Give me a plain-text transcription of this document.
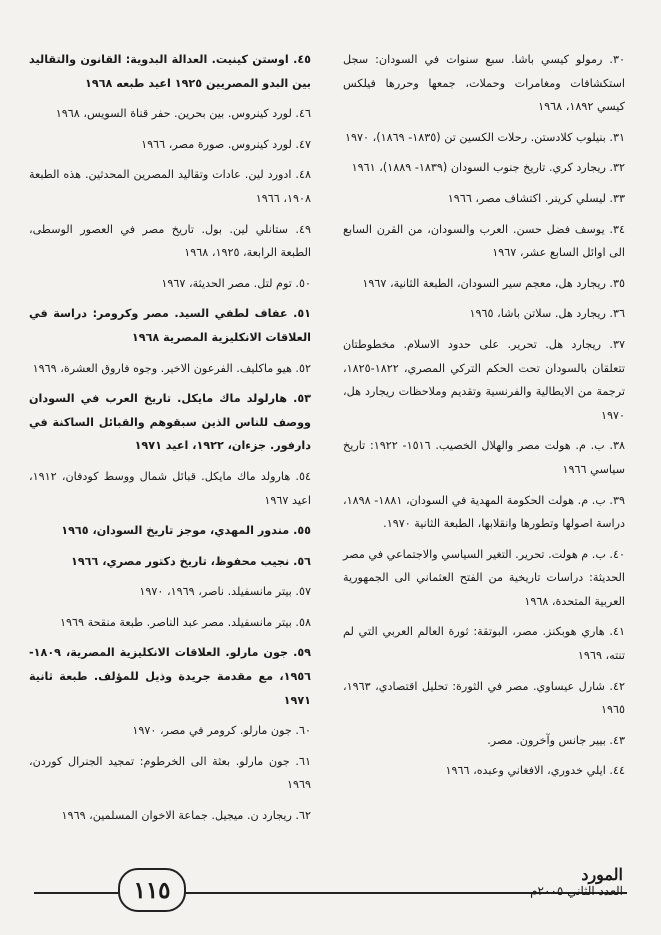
٣٠. رمولو كيسي باشا. سبع سنوات في السودان: سجل استكشافات ومغامرات وحملات، جمعها وحررها فيلكس كيسي ١٨٩٢، ١٩٦٨

٣١. بنيلوب كلادستن. رحلات الكسين تن (١٨٣٥- ١٨٦٩)، ١٩٧٠

٣٢. ريجارد كري. تاريخ جنوب السودان (١٨٣٩- ١٨٨٩)، ١٩٦١

٣٣. ليسلي كرينر. اكتشاف مصر، ١٩٦٦

٣٤. يوسف فضل حسن. العرب والسودان، من القرن السابع الى اوائل السابع عشر، ١٩٦٧

٣٥. ريجارد هل، معجم سير السودان، الطبعة الثانية، ١٩٦٧

٣٦. ريجارد هل. سلاتن باشا، ١٩٦٥

٣٧. ريجارد هل. تحرير. على حدود الاسلام. مخطوطتان تتعلقان بالسودان تحت الحكم التركي المصري، ١٨٢٢-١٨٢٥، ترجمة من الايطالية والفرنسية وتقديم وملاحظات ريجارد هل، ١٩٧٠

٣٨. ب. م. هولت مصر والهلال الخصيب. ١٥١٦- ١٩٢٢: تاريخ سياسي ١٩٦٦

٣٩. ب. م. هولت الحكومة المهدية في السودان، ١٨٨١- ١٨٩٨، دراسة اصولها وتطورها وانقلابها، الطبعة الثانية ١٩٧٠.

٤٠. ب. م هولت. تحرير. التغير السياسي والاجتماعي في مصر الحديثة: دراسات تاريخية من الفتح العثماني الى الجمهورية العربية المتحدة، ١٩٦٨

٤١. هاري هوبكنز. مصر، البوتقة: ثورة العالم العربي التي لم تنته، ١٩٦٩

٤٢. شارل عيساوي. مصر في الثورة: تحليل اقتصادي، ١٩٦٣، ١٩٦٥

٤٣. بيير جانس وآخرون. مصر.

٤٤. ايلي خدوري، الافغاني وعبده، ١٩٦٦

٤٥. اوستن كينيت. العدالة البدوية: القانون والتقاليد بين البدو المصريين ١٩٢٥ اعيد طبعه ١٩٦٨

٤٦. لورد كينروس. بين بحرين. حفر قناة السويس، ١٩٦٨

٤٧. لورد كينروس. صورة مصر، ١٩٦٦

٤٨. ادورد لين. عادات وتقاليد المصرين المحدثين. هذه الطبعة ١٩٠٨، ١٩٦٦

٤٩. ستانلي لين. بول. تاريخ مصر في العصور الوسطى، الطبعة الرابعة، ١٩٢٥، ١٩٦٨

٥٠. توم لتل. مصر الحديثة، ١٩٦٧

٥١. عفاف لطفي السيد. مصر وكرومر: دراسة في العلاقات الانكليزية المصرية ١٩٦٨

٥٢. هيو ماكليف. الفرعون الاخير. وجوه فاروق العشرة، ١٩٦٩

٥٣. هارلولد ماك مايكل. تاريخ العرب في السودان ووصف للناس الذين سبقوهم والقبائل الساكنة في دارفور. جزءان، ١٩٢٢، اعيد ١٩٧١

٥٤. هارولد ماك مايكل. قبائل شمال ووسط كودفان، ١٩١٢، اعيد ١٩٦٧

٥٥. مندور المهدي، موجز تاريخ السودان، ١٩٦٥

٥٦. نجيب محفوظ، تاريخ دكتور مصري، ١٩٦٦

٥٧. بيتر مانسفيلد. ناصر، ١٩٦٩، ١٩٧٠

٥٨. بيتر مانسفيلد. مصر عبد الناصر. طبعة منقحة ١٩٦٩

٥٩. جون مارلو. العلاقات الانكليزية المصرية، ١٨٠٩- ١٩٥٦، مع مقدمة جريدة وذيل للمؤلف. طبعة ثانية ١٩٧١

٦٠. جون مارلو. كرومر في مصر، ١٩٧٠

٦١. جون مارلو. بعثة الى الخرطوم: تمجيد الجنرال كوردن، ١٩٦٩

٦٢. ريجارد ن. ميجيل. جماعة الاخوان المسلمين، ١٩٦٩

١١٥
المورد
العدد الثاني ٢٠٠٥م
